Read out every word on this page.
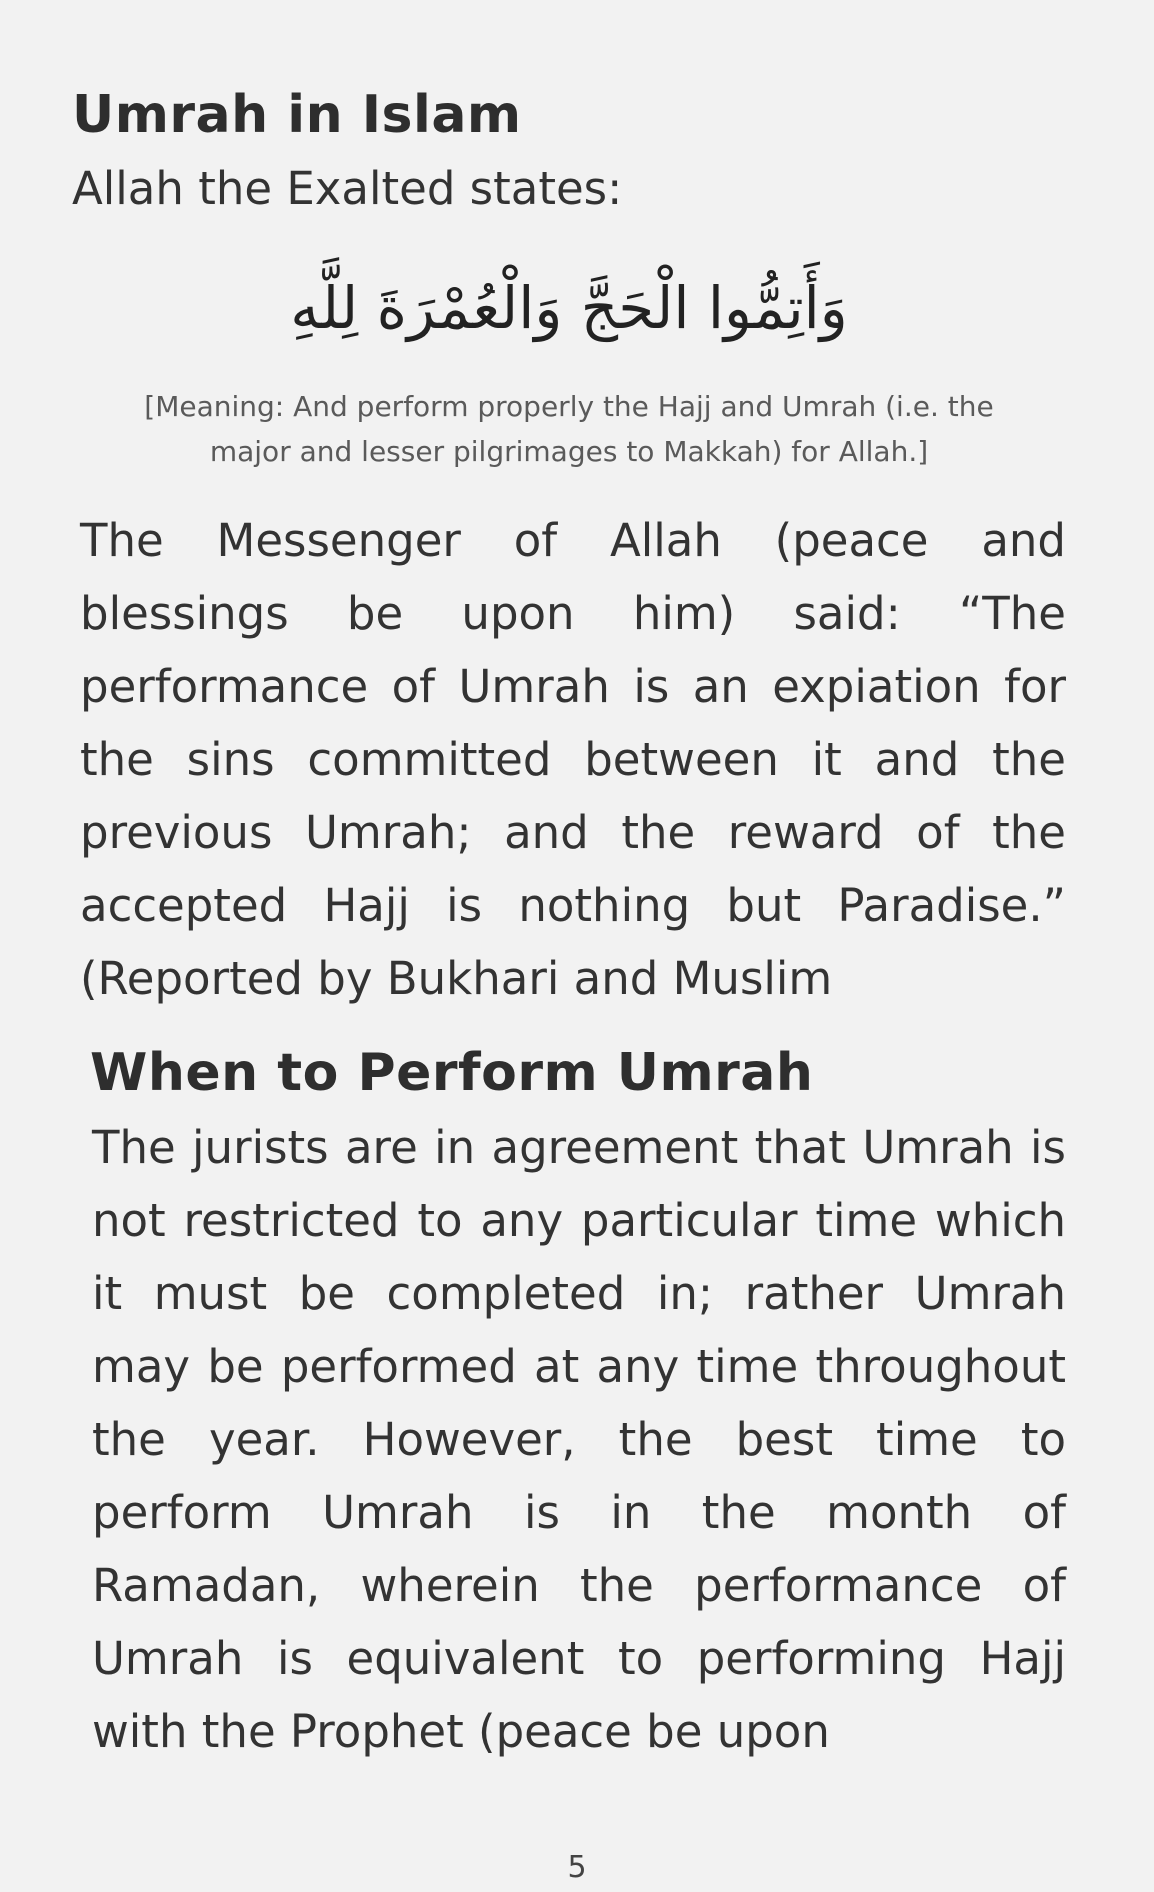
Umrah in Islam

Allah the Exalted states:

وَأَتِمُّوا الْحَجَّ وَالْعُمْرَةَ لِلَّهِ

[Meaning: And perform properly the Hajj and Umrah (i.e. the major and lesser pilgrimages to Makkah) for Allah.]

The Messenger of Allah (peace and blessings be upon him) said: “The performance of Umrah is an expiation for the sins committed between it and the previous Umrah; and the reward of the accepted Hajj is nothing but Paradise.” (Reported by Bukhari and Muslim

When to Perform Umrah

The jurists are in agreement that Umrah is not restricted to any particular time which it must be completed in; rather Umrah may be performed at any time throughout the year. However, the best time to perform Umrah is in the month of Ramadan, wherein the performance of Umrah is equivalent to performing Hajj with the Prophet (peace be upon

5
